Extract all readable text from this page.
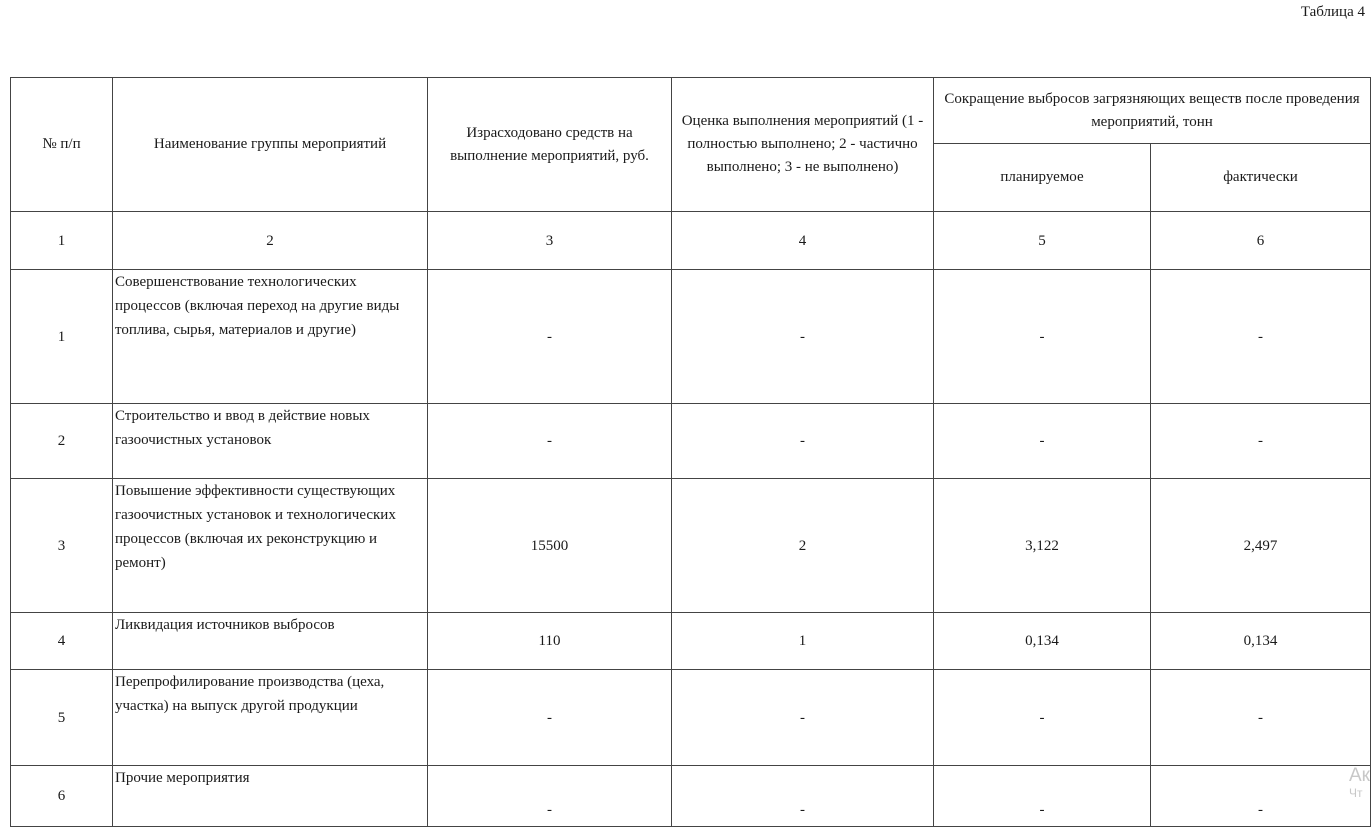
Таблица 4
№ п/п	Наименование группы мероприятий	Израсходовано средств на выполнение мероприятий, руб.	Оценка выполнения мероприятий (1 - полностью выполнено; 2 - частично выполнено; 3 - не выполнено)	Сокращение выбросов загрязняющих веществ после проведения мероприятий, тонн	
				планируемое	фактически
1	2	3	4	5	6
1	Совершенствование технологических процессов (включая переход на другие виды топлива, сырья, материалов и другие)	-	-	-	-
2	Строительство и ввод в действие новых газоочистных установок	-	-	-	-
3	Повышение эффективности существующих газоочистных установок и технологических процессов (включая их реконструкцию и ремонт)	15500	2	3,122	2,497
4	Ликвидация источников выбросов	110	1	0,134	0,134
5	Перепрофилирование производства (цеха, участка) на выпуск другой продукции	-	-	-	-
6	Прочие мероприятия	-	-	-	-
Ак
Чт
